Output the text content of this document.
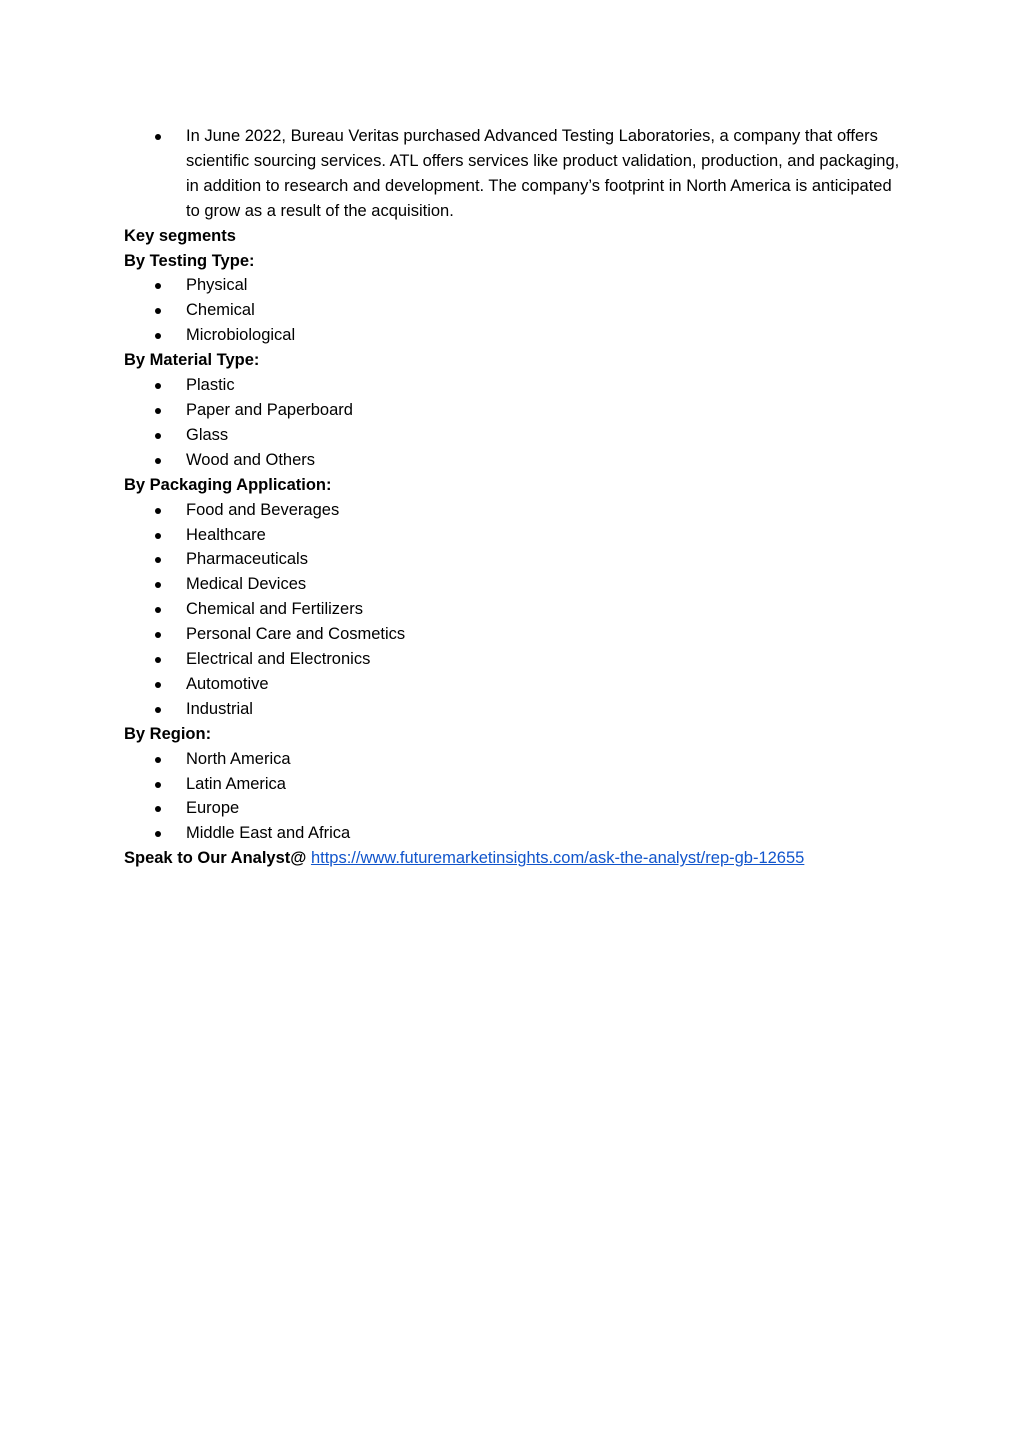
In June 2022, Bureau Veritas purchased Advanced Testing Laboratories, a company that offers scientific sourcing services. ATL offers services like product validation, production, and packaging, in addition to research and development. The company’s footprint in North America is anticipated to grow as a result of the acquisition.
Key segments
By Testing Type:
Physical
Chemical
Microbiological
By Material Type:
Plastic
Paper and Paperboard
Glass
Wood and Others
By Packaging Application:
Food and Beverages
Healthcare
Pharmaceuticals
Medical Devices
Chemical and Fertilizers
Personal Care and Cosmetics
Electrical and Electronics
Automotive
Industrial
By Region:
North America
Latin America
Europe
Middle East and Africa
Speak to Our Analyst@ https://www.futuremarketinsights.com/ask-the-analyst/rep-gb-12655
